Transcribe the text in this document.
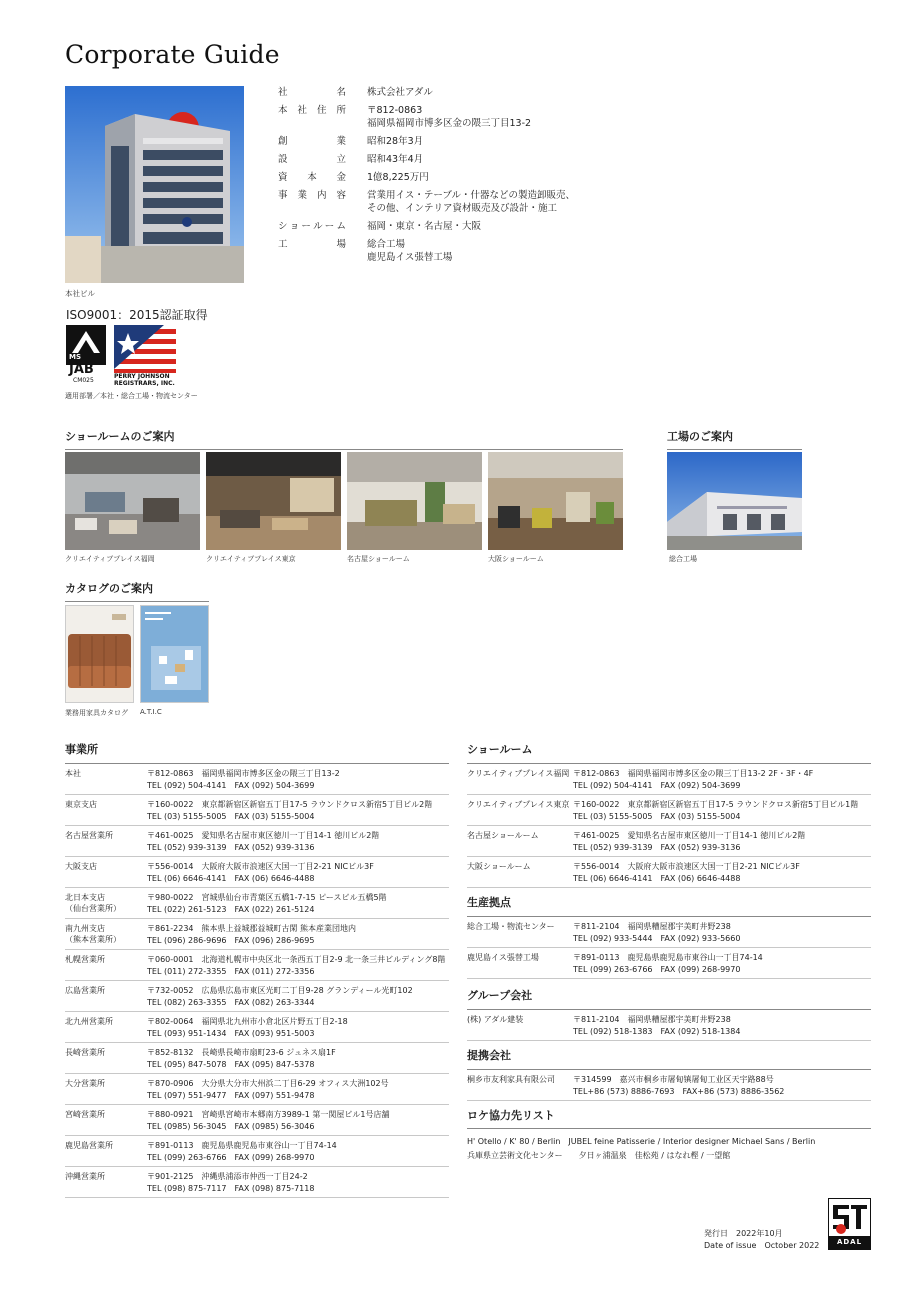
Corporate Guide
本社ビル
社	名	株式会社アダル
本 社 住 所	〒812-0863
福岡県福岡市博多区金の隈三丁目13-2
創	業	昭和28年3月
設	立	昭和43年4月
資 本 金	1億8,225万円
事 業 内 容	営業用イス・テーブル・什器などの製造卸販売、
その他、インテリア資材販売及び設計・施工
シ ョ ー ル ー ム	福岡・東京・名古屋・大阪
工	場	総合工場
鹿児島イス張替工場
ISO9001：2015認証取得
MS
JAB
CM025
PERRY JOHNSON
REGISTRARS, INC.
適用部署／本社・総合工場・物流センター
ショールームのご案内
クリエイティブプレイス福岡	クリエイティブプレイス東京	名古屋ショールーム	大阪ショールーム
工場のご案内
総合工場
カタログのご案内
業務用家具カタログ A.T.I.C
事業所
本社	〒812-0863　福岡県福岡市博多区金の隈三丁目13-2
TEL (092) 504-4141　FAX (092) 504-3699
東京支店	〒160-0022　東京都新宿区新宿五丁目17-5 ラウンドクロス新宿5丁目ビル2階
TEL (03) 5155-5005　FAX (03) 5155-5004
名古屋営業所	〒461-0025　愛知県名古屋市東区徳川一丁目14-1 徳川ビル2階
TEL (052) 939-3139　FAX (052) 939-3136
大阪支店	〒556-0014　大阪府大阪市浪速区大国一丁目2-21 NICビル3F
TEL (06) 6646-4141　FAX (06) 6646-4488
北日本支店
（仙台営業所）
〒980-0022　宮城県仙台市青葉区五橋1-7-15 ピースビル五橋5階
TEL (022) 261-5123　FAX (022) 261-5124
南九州支店
（熊本営業所）
〒861-2234　熊本県上益城郡益城町古閑 熊本産業団地内
TEL (096) 286-9696　FAX (096) 286-9695
札幌営業所	〒060-0001　北海道札幌市中央区北一条西五丁目2-9 北一条三井ビルディング8階
TEL (011) 272-3355　FAX (011) 272-3356
広島営業所	〒732-0052　広島県広島市東区光町二丁目9-28 グランディール光町102
TEL (082) 263-3355　FAX (082) 263-3344
北九州営業所	〒802-0064　福岡県北九州市小倉北区片野五丁目2-18
TEL (093) 951-1434　FAX (093) 951-5003
長崎営業所	〒852-8132　長崎県長崎市扇町23-6 ジュネス扇1F
TEL (095) 847-5078　FAX (095) 847-5378
大分営業所	〒870-0906　大分県大分市大州浜二丁目6-29 オフィス大洲102号
TEL (097) 551-9477　FAX (097) 551-9478
宮崎営業所	〒880-0921　宮崎県宮崎市本郷南方3989-1 第一関屋ビル1号店舗
TEL (0985) 56-3045　FAX (0985) 56-3046
鹿児島営業所	〒891-0113　鹿児島県鹿児島市東谷山一丁目74-14
TEL (099) 263-6766　FAX (099) 268-9970
沖縄営業所	〒901-2125　沖縄県浦添市仲西一丁目24-2
TEL (098) 875-7117　FAX (098) 875-7118
ショールーム
クリエイティブプレイス福岡 〒812-0863　福岡県福岡市博多区金の隈三丁目13-2 2F・3F・4F
TEL (092) 504-4141　FAX (092) 504-3699
クリエイティブプレイス東京 〒160-0022　東京都新宿区新宿五丁目17-5 ラウンドクロス新宿5丁目ビル1階
TEL (03) 5155-5005　FAX (03) 5155-5004
名古屋ショールーム	〒461-0025　愛知県名古屋市東区徳川一丁目14-1 徳川ビル2階
TEL (052) 939-3139　FAX (052) 939-3136
大阪ショールーム	〒556-0014　大阪府大阪市浪速区大国一丁目2-21 NICビル3F
TEL (06) 6646-4141　FAX (06) 6646-4488
生産拠点
総合工場・物流センター	〒811-2104　福岡県糟屋郡宇美町井野238
TEL (092) 933-5444　FAX (092) 933-5660
鹿児島イス張替工場	〒891-0113　鹿児島県鹿児島市東谷山一丁目74-14
TEL (099) 263-6766　FAX (099) 268-9970
グループ会社
(株) アダル建装	〒811-2104　福岡県糟屋郡宇美町井野238
TEL (092) 518-1383　FAX (092) 518-1384
提携会社
桐乡市友利家具有限公司	〒314599　嘉兴市桐乡市屠甸镇屠甸工业区天宇路88号
TEL+86 (573) 8886-7693　FAX+86 (573) 8886-3562
ロケ協力先リスト
H' Otello / K' 80 / Berlin　JUBEL feine Patisserie / Interior designer Michael Sans / Berlin
兵庫県立芸術文化センター　　夕日ヶ浦温泉　佳松苑 / はなれ樫 / 一望館
発行日　2022年10月
Date of issue　October 2022	ADAL
